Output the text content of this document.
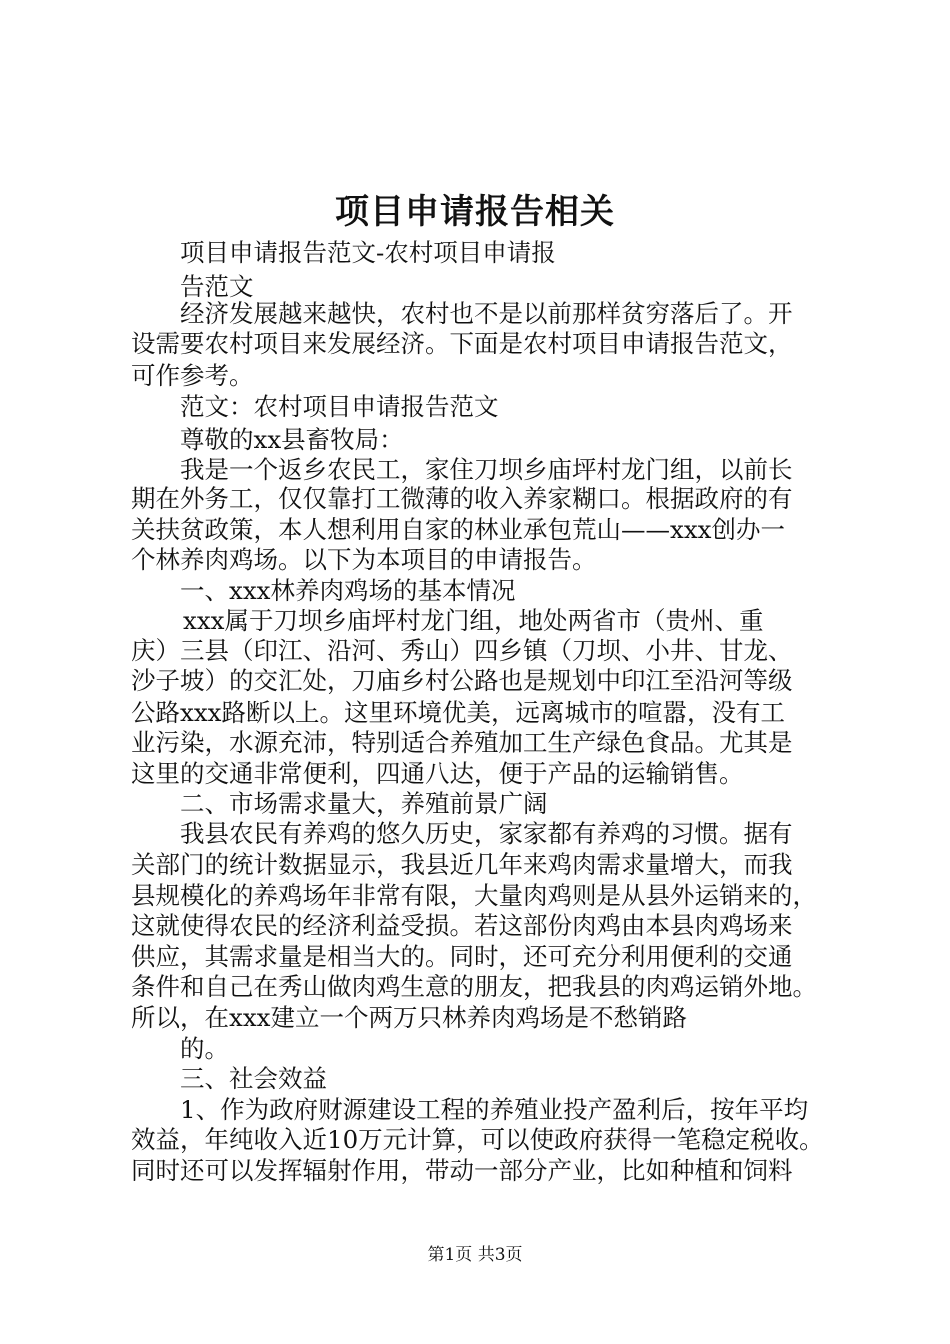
项目申请报告相关
项目申请报告范文-农村项目申请报
告范文
经济发展越来越快，农村也不是以前那样贫穷落后了。开
设需要农村项目来发展经济。下面是农村项目申请报告范文，
可作参考。
范文：农村项目申请报告范文
尊敬的xx县畜牧局：
我是一个返乡农民工，家住刀坝乡庙坪村龙门组，以前长
期在外务工，仅仅靠打工微薄的收入养家糊口。根据政府的有
关扶贫政策，本人想利用自家的林业承包荒山——xxx创办一
个林养肉鸡场。以下为本项目的申请报告。
一、xxx林养肉鸡场的基本情况
xxx属于刀坝乡庙坪村龙门组，地处两省市（贵州、重
庆）三县（印江、沿河、秀山）四乡镇（刀坝、小井、甘龙、
沙子坡）的交汇处，刀庙乡村公路也是规划中印江至沿河等级
公路xxx路断以上。这里环境优美，远离城市的喧嚣，没有工
业污染，水源充沛，特别适合养殖加工生产绿色食品。尤其是
这里的交通非常便利，四通八达，便于产品的运输销售。
二、市场需求量大，养殖前景广阔
我县农民有养鸡的悠久历史，家家都有养鸡的习惯。据有
关部门的统计数据显示，我县近几年来鸡肉需求量增大，而我
县规模化的养鸡场年非常有限，大量肉鸡则是从县外运销来的，
这就使得农民的经济利益受损。若这部份肉鸡由本县肉鸡场来
供应，其需求量是相当大的。同时，还可充分利用便利的交通
条件和自己在秀山做肉鸡生意的朋友，把我县的肉鸡运销外地。
所以，在xxx建立一个两万只林养肉鸡场是不愁销路
的。
三、社会效益
1、作为政府财源建设工程的养殖业投产盈利后，按年平均
效益，年纯收入近10万元计算，可以使政府获得一笔稳定税收。
同时还可以发挥辐射作用，带动一部分产业，比如种植和饲料
第1页 共3页
